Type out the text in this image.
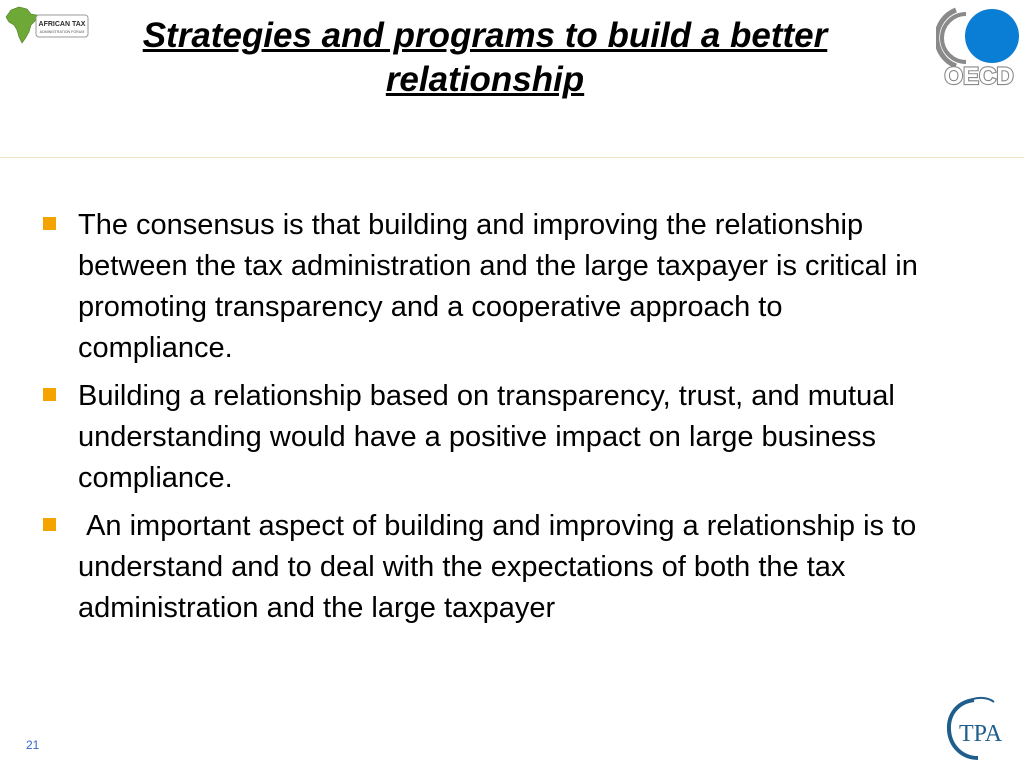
AFRICAN TAX
ADMINISTRATION FORUM	Strategies and programs to build a better relationship	OECD
The consensus is that building and improving the relationship between the tax administration and the large taxpayer is critical in promoting transparency and a cooperative approach to compliance.
Building a relationship based on transparency, trust, and mutual understanding would have a positive impact on large business compliance.
An important aspect of building and improving a relationship is to understand and to deal with the expectations of both the tax administration and the large taxpayer
21	TPA
